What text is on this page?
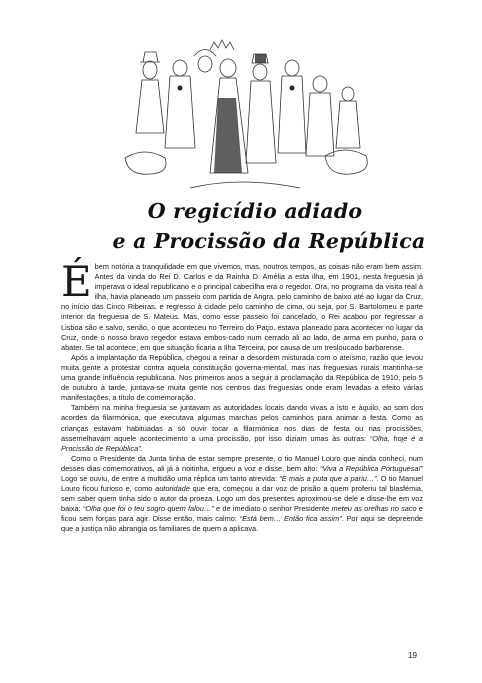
O regicídio adiado
e a Procissão da República

Ébem notória a tranquilidade em que vivemos, mas, noutros tempos, as coisas não eram bem assim. Antes da vinda do Rei D. Carlos e da Rainha D. Amélia a esta ilha, em 1901, nesta freguesia já imperava o ideal republicano e o principal cabecilha era o regedor. Ora, no programa da visita real à ilha, havia planeado um passeio com partida de Angra, pelo caminho de baixo até ao lugar da Cruz, no início das Cinco Ribeiras, e regresso à cidade pelo caminho de cima, ou seja, por S. Bartolomeu e parte interior da freguesia de S. Mateus. Mas, como esse passeio foi cancelado, o Rei acabou por regressar a Lisboa são e salvo, senão, o que aconteceu no Terreiro do Paço, estava planeado para acontecer no lugar da Cruz, onde o nosso bravo regedor estava embos-cado num cerrado ali ao lado, de arma em punho, para o abater. Se tal acontece, em que situação ficaria a Ilha Terceira, por causa de um tresloucado barbarense.

Após a implantação da República, chegou a reinar a desordem misturada com o ateísmo, razão que levou muita gente a protestar contra aquela constituição governa-mental, mas nas freguesias rurais mantinha-se uma grande influência republicana. Nos primeiros anos a seguir à proclamação da República de 1910, pelo 5 de outubro à tarde, juntava-se muita gente nos centros das freguesias onde eram levadas a efeito várias manifestações, a título de comemoração.

Também na minha freguesia se juntavam as autoridades locais dando vivas a isto e àquilo, ao som dos acordes da filarmónica, que executava algumas marchas pelos caminhos para animar a festa. Como as crianças estavam habituadas a só ouvir tocar a filarmónica nos dias de festa ou nas procissões, assemelhavam aquele acontecimento a uma procissão, por isso diziam umas às outras: “Olha, hoje é a Procissão de República”.

Como o Presidente da Junta tinha de estar sempre presente, o tio Manuel Louro que ainda conheci, num desses dias comemorativos, ali já à noitinha, ergueu a voz e disse, bem alto: “Viva a República Portuguesa!” Logo se ouviu, de entre a multidão uma réplica um tanto atrevida: “E mais a puta que a pariu…”. O tio Manuel Louro ficou furioso e, como autoridade que era, começou a dar voz de prisão a quem proferiu tal blasfémia, sem saber quem tinha sido o autor da proeza. Logo um dos presentes aproximou-se dele e disse-lhe em voz baixa: “Olha que foi o teu sogro quem falou…” e de imediato o senhor Presidente meteu as orelhas no saco e ficou sem forças para agir. Disse então, mais calmo: “Está bem… Então fica assim”. Por aqui se depreende que a justiça não abrangia os familiares de quem a aplicava.

19
